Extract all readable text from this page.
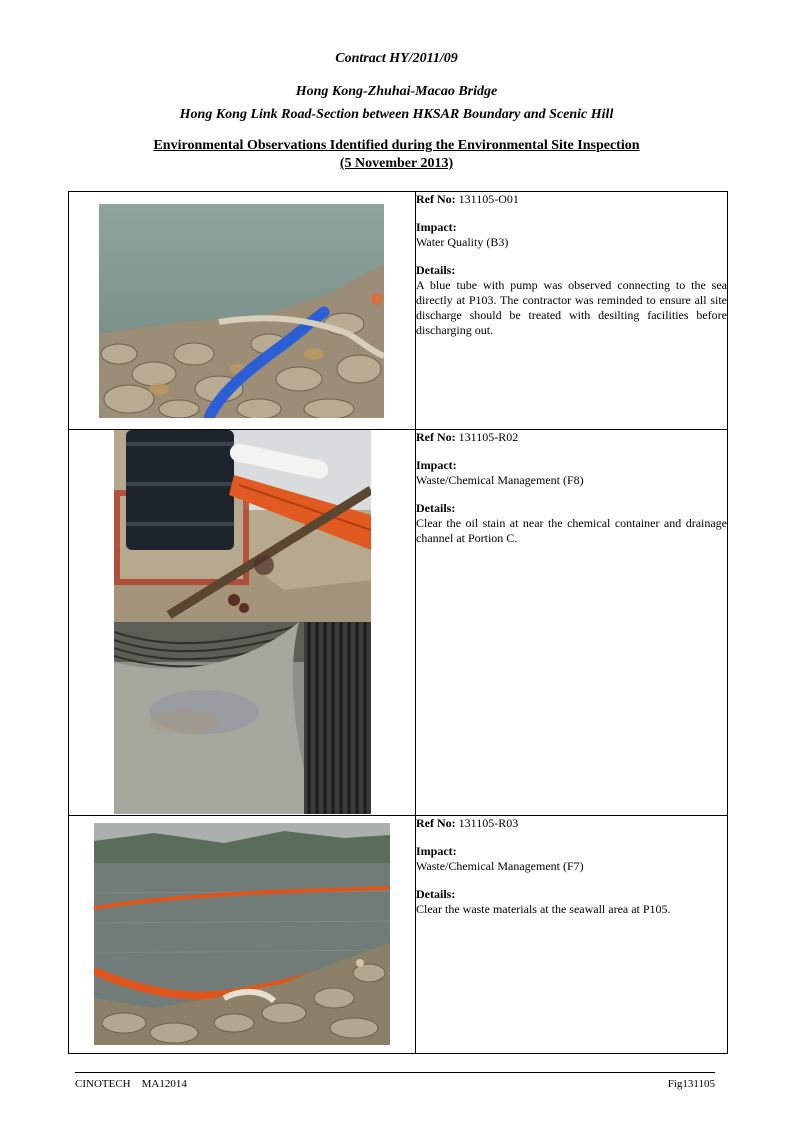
Contract HY/2011/09
Hong Kong-Zhuhai-Macao Bridge
Hong Kong Link Road-Section between HKSAR Boundary and Scenic Hill
Environmental Observations Identified during the Environmental Site Inspection
(5 November 2013)

Ref No: 131105-O01
Impact:
Water Quality (B3)
Details:
A blue tube with pump was observed connecting to the sea directly at P103. The contractor was reminded to ensure all site discharge should be treated with desilting facilities before discharging out.

Ref No: 131105-R02
Impact:
Waste/Chemical Management (F8)
Details:
Clear the oil stain at near the chemical container and drainage channel at Portion C.

Ref No: 131105-R03
Impact:
Waste/Chemical Management (F7)
Details:
Clear the waste materials at the seawall area at P105.
CINOTECH    MA12014	Fig131105
